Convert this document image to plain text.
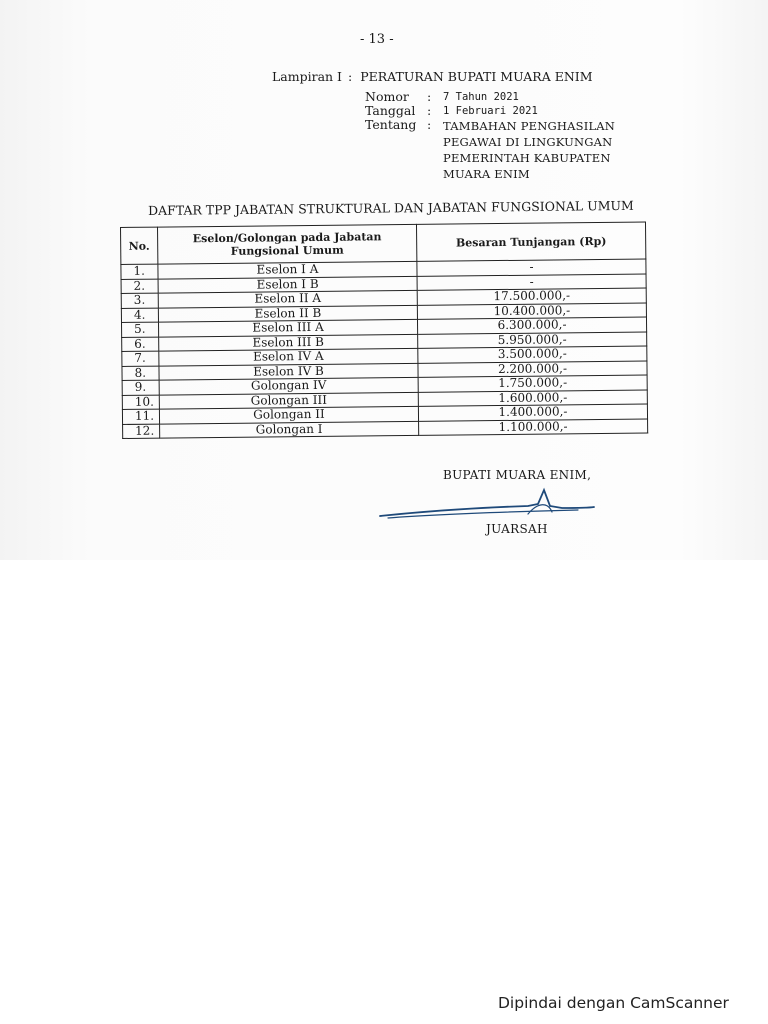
- 13 -
Lampiran I : PERATURAN BUPATI MUARA ENIM
Nomor	:	7 Tahun 2021
Tanggal :	1 Februari 2021
Tentang :	TAMBAHAN PENGHASILAN PEGAWAI DI LINGKUNGAN PEMERINTAH KABUPATEN MUARA ENIM
DAFTAR TPP JABATAN STRUKTURAL DAN JABATAN FUNGSIONAL UMUM
No.	Eselon/Golongan pada Jabatan Fungsional Umum	Besaran Tunjangan (Rp)
1.	Eselon I A	-
2.	Eselon I B	-
3.	Eselon II A	17.500.000,-
4.	Eselon II B	10.400.000,-
5.	Eselon III A	6.300.000,-
6.	Eselon III B	5.950.000,-
7.	Eselon IV A	3.500.000,-
8.	Eselon IV B	2.200.000,-
9.	Golongan IV	1.750.000,-
10.	Golongan III	1.600.000,-
11.	Golongan II	1.400.000,-
12.	Golongan I	1.100.000,-
BUPATI MUARA ENIM,
JUARSAH
Dipindai dengan CamScanner
